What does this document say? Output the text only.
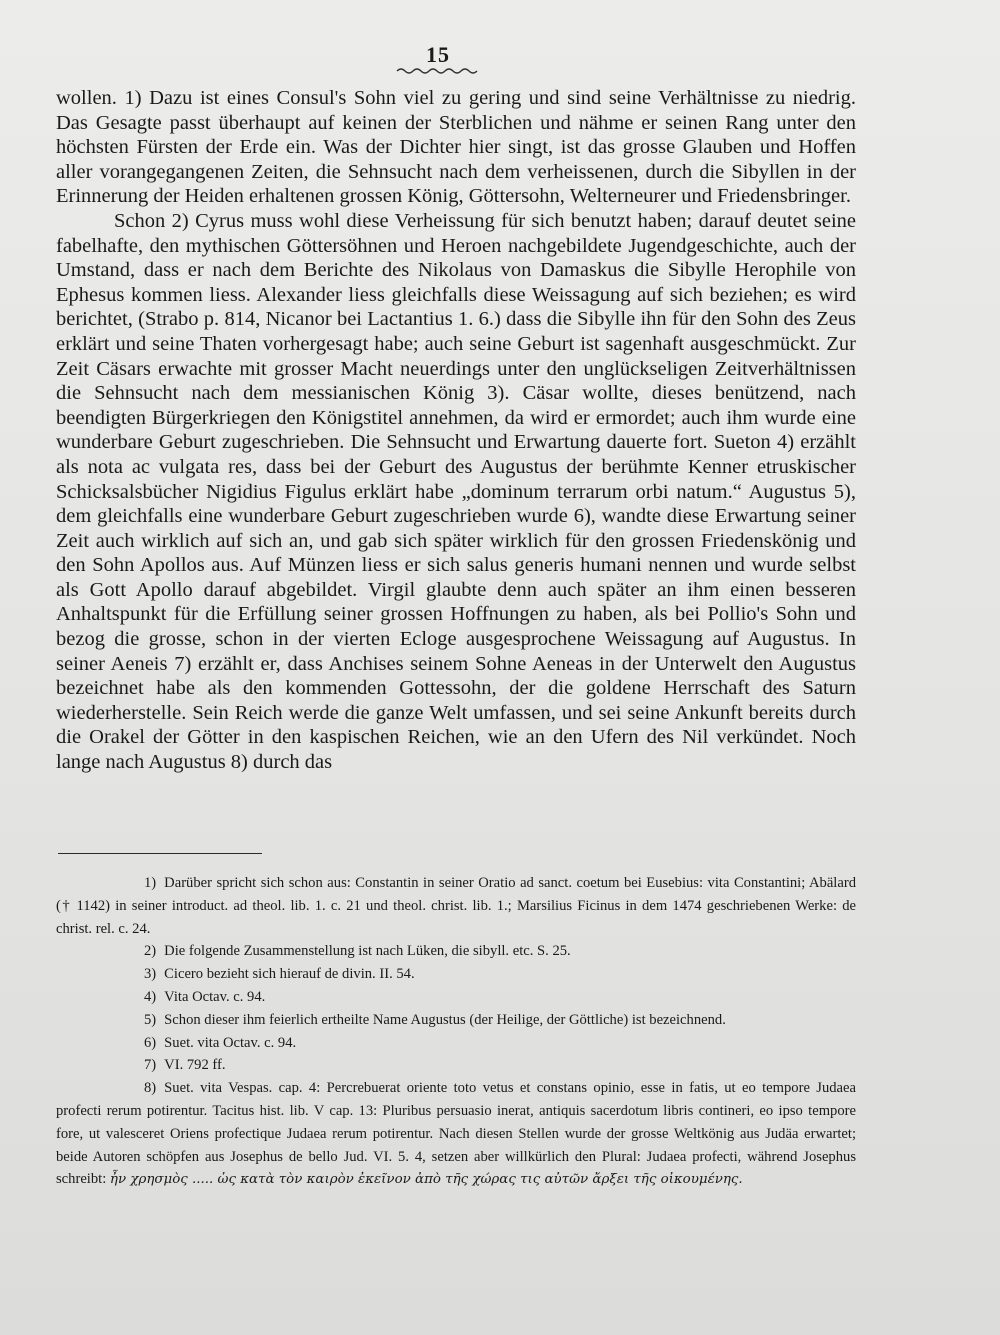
15

wollen. 1) Dazu ist eines Consul's Sohn viel zu gering und sind seine Verhältnisse zu niedrig. Das Gesagte passt überhaupt auf keinen der Sterblichen und nähme er seinen Rang unter den höchsten Fürsten der Erde ein. Was der Dichter hier singt, ist das grosse Glauben und Hoffen aller vorangegangenen Zeiten, die Sehnsucht nach dem verheissenen, durch die Sibyllen in der Erinnerung der Heiden erhaltenen grossen König, Göttersohn, Welterneurer und Friedensbringer.

Schon 2) Cyrus muss wohl diese Verheissung für sich benutzt haben; darauf deutet seine fabelhafte, den mythischen Göttersöhnen und Heroen nachgebildete Jugendgeschichte, auch der Umstand, dass er nach dem Berichte des Nikolaus von Damaskus die Sibylle Herophile von Ephesus kommen liess. Alexander liess gleichfalls diese Weissagung auf sich beziehen; es wird berichtet, (Strabo p. 814, Nicanor bei Lactantius 1. 6.) dass die Sibylle ihn für den Sohn des Zeus erklärt und seine Thaten vorhergesagt habe; auch seine Geburt ist sagenhaft ausgeschmückt. Zur Zeit Cäsars erwachte mit grosser Macht neuerdings unter den unglückseligen Zeitverhältnissen die Sehnsucht nach dem messianischen König 3). Cäsar wollte, dieses benützend, nach beendigten Bürgerkriegen den Königstitel annehmen, da wird er ermordet; auch ihm wurde eine wunderbare Geburt zugeschrieben. Die Sehnsucht und Erwartung dauerte fort. Sueton 4) erzählt als nota ac vulgata res, dass bei der Geburt des Augustus der berühmte Kenner etruskischer Schicksalsbücher Nigidius Figulus erklärt habe „dominum terrarum orbi natum.“ Augustus 5), dem gleichfalls eine wunderbare Geburt zugeschrieben wurde 6), wandte diese Erwartung seiner Zeit auch wirklich auf sich an, und gab sich später wirklich für den grossen Friedenskönig und den Sohn Apollos aus. Auf Münzen liess er sich salus generis humani nennen und wurde selbst als Gott Apollo darauf abgebildet. Virgil glaubte denn auch später an ihm einen besseren Anhaltspunkt für die Erfüllung seiner grossen Hoffnungen zu haben, als bei Pollio's Sohn und bezog die grosse, schon in der vierten Ecloge ausgesprochene Weissagung auf Augustus. In seiner Aeneis 7) erzählt er, dass Anchises seinem Sohne Aeneas in der Unterwelt den Augustus bezeichnet habe als den kommenden Gottessohn, der die goldene Herrschaft des Saturn wiederherstelle. Sein Reich werde die ganze Welt umfassen, und sei seine Ankunft bereits durch die Orakel der Götter in den kaspischen Reichen, wie an den Ufern des Nil verkündet. Noch lange nach Augustus 8) durch das

1) Darüber spricht sich schon aus: Constantin in seiner Oratio ad sanct. coetum bei Eusebius: vita Constantini; Abälard († 1142) in seiner introduct. ad theol. lib. 1. c. 21 und theol. christ. lib. 1.; Marsilius Ficinus in dem 1474 geschriebenen Werke: de christ. rel. c. 24.

2) Die folgende Zusammenstellung ist nach Lüken, die sibyll. etc. S. 25.

3) Cicero bezieht sich hierauf de divin. II. 54.

4) Vita Octav. c. 94.

5) Schon dieser ihm feierlich ertheilte Name Augustus (der Heilige, der Göttliche) ist bezeichnend.

6) Suet. vita Octav. c. 94.

7) VI. 792 ff.

8) Suet. vita Vespas. cap. 4: Percrebuerat oriente toto vetus et constans opinio, esse in fatis, ut eo tempore Judaea profecti rerum potirentur. Tacitus hist. lib. V cap. 13: Pluribus persuasio inerat, antiquis sacerdotum libris contineri, eo ipso tempore fore, ut valesceret Oriens profectique Judaea rerum potirentur. Nach diesen Stellen wurde der grosse Weltkönig aus Judäa erwartet; beide Autoren schöpfen aus Josephus de bello Jud. VI. 5. 4, setzen aber willkürlich den Plural: Judaea profecti, während Josephus schreibt: ἦν χρησμὸς ..... ὡς κατὰ τὸν καιρὸν ἐκεῖνον ἀπὸ τῆς χώρας τις αὐτῶν ἄρξει τῆς οἰκουμένης.
